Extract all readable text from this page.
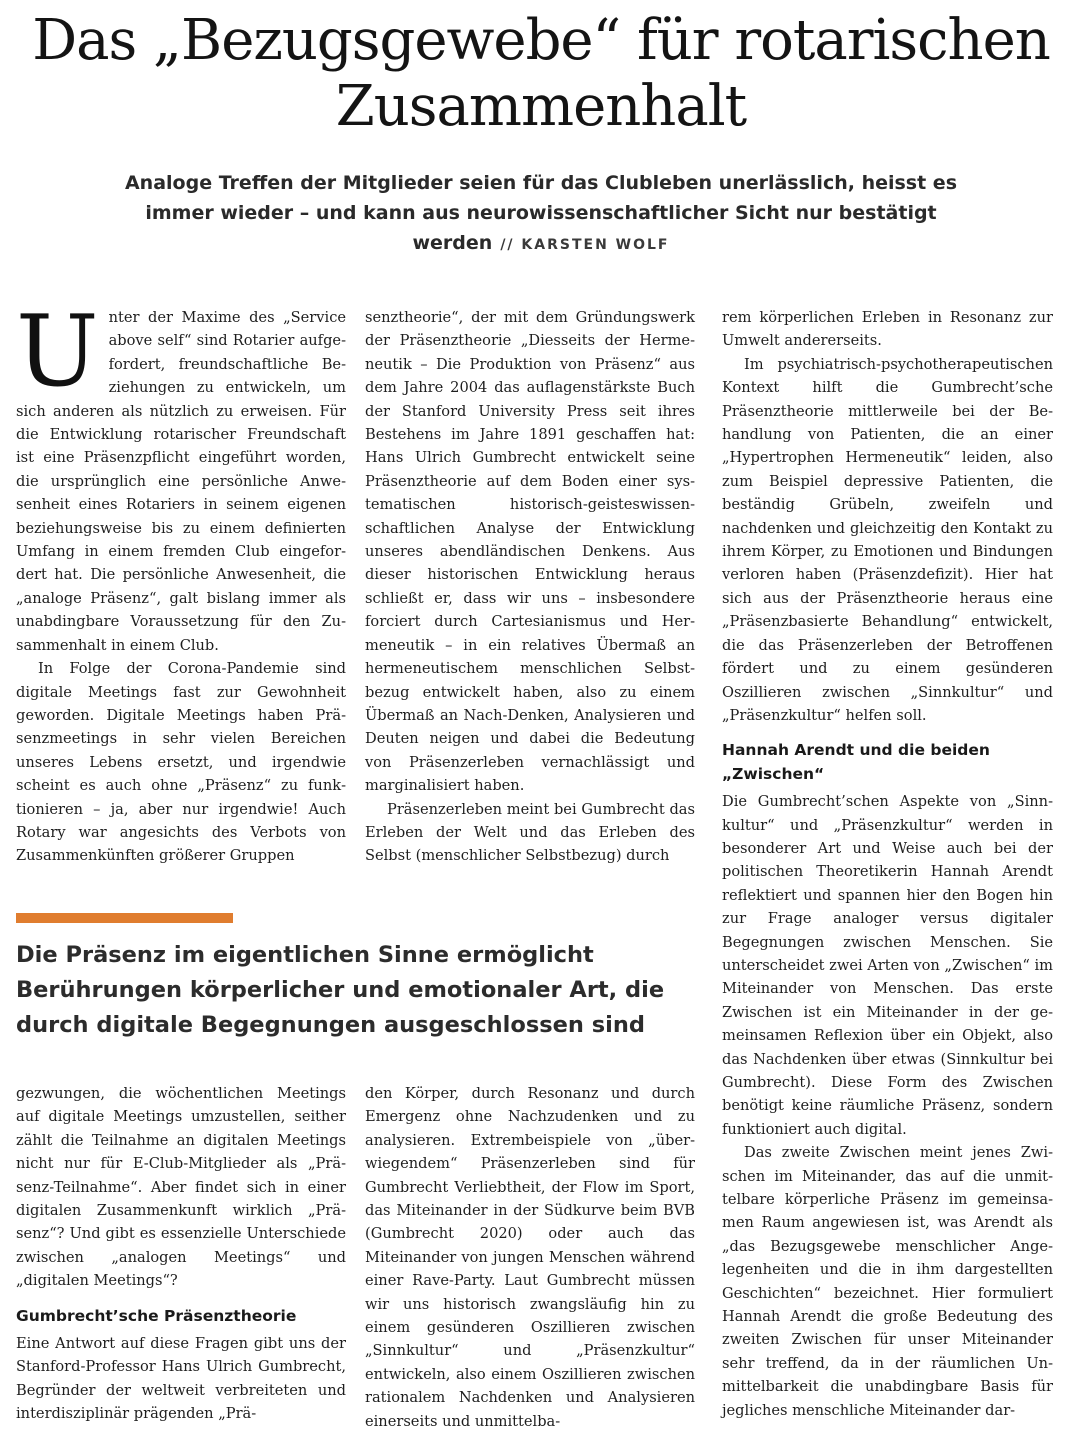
Das „Bezugsgewebe“ für rotarischen Zusammenhalt
Analoge Treffen der Mitglieder seien für das Clubleben unerlässlich, heisst es immer wieder – und kann aus neurowissenschaftlicher Sicht nur bestätigt werden // KARSTEN WOLF
U nter der Maxime des „Service above self“ sind Rotarier aufgefordert, freundschaftliche Beziehungen zu entwickeln, um sich anderen als nützlich zu erweisen. Für die Entwicklung rotarischer Freundschaft ist eine Präsenzpflicht eingeführt worden, die ursprünglich eine persönliche Anwesenheit eines Rotariers in seinem eigenen beziehungsweise bis zu einem definierten Umfang in einem fremden Club eingefordert hat. Die persönliche Anwesenheit, die „analoge Präsenz“, galt bislang immer als unabdingbare Voraussetzung für den Zusammenhalt in einem Club.

In Folge der Corona-Pandemie sind digitale Meetings fast zur Gewohnheit geworden. Digitale Meetings haben Präsenzmeetings in sehr vielen Bereichen unseres Lebens ersetzt, und irgendwie scheint es auch ohne „Präsenz“ zu funktionieren – ja, aber nur irgendwie! Auch Rotary war angesichts des Verbots von Zusammenkünften größerer Gruppen

senztheorie“, der mit dem Gründungswerk der Präsenztheorie „Diesseits der Hermeneutik – Die Produktion von Präsenz“ aus dem Jahre 2004 das auflagenstärkste Buch der Stanford University Press seit ihres Bestehens im Jahre 1891 geschaffen hat: Hans Ulrich Gumbrecht entwickelt seine Präsenztheorie auf dem Boden einer systematischen historisch-geisteswissenschaftlichen Analyse der Entwicklung unseres abendländischen Denkens. Aus dieser historischen Entwicklung heraus schließt er, dass wir uns – insbesondere forciert durch Cartesianismus und Hermeneutik – in ein relatives Übermaß an hermeneutischem menschlichen Selbstbezug entwickelt haben, also zu einem Übermaß an Nach-Denken, Analysieren und Deuten neigen und dabei die Bedeutung von Präsenzerleben vernachlässigt und marginalisiert haben.

Präsenzerleben meint bei Gumbrecht das Erleben der Welt und das Erleben des Selbst (menschlicher Selbstbezug) durch

rem körperlichen Erleben in Resonanz zur Umwelt andererseits.

Im psychiatrisch-psychotherapeutischen Kontext hilft die Gumbrecht’sche Präsenztheorie mittlerweile bei der Behandlung von Patienten, die an einer „Hypertrophen Hermeneutik“ leiden, also zum Beispiel depressive Patienten, die beständig Grübeln, zweifeln und nachdenken und gleichzeitig den Kontakt zu ihrem Körper, zu Emotionen und Bindungen verloren haben (Präsenzdefizit). Hier hat sich aus der Präsenztheorie heraus eine „Präsenzbasierte Behandlung“ entwickelt, die das Präsenzerleben der Betroffenen fördert und zu einem gesünderen Oszillieren zwischen „Sinnkultur“ und „Präsenzkultur“ helfen soll.

Hannah Arendt und die beiden „Zwischen“

Die Gumbrecht’schen Aspekte von „Sinnkultur“ und „Präsenzkultur“ werden in besonderer Art und Weise auch bei der politischen Theoretikerin Hannah Arendt reflektiert und spannen hier den Bogen hin zur Frage analoger versus digitaler Begegnungen zwischen Menschen. Sie unterscheidet zwei Arten von „Zwischen“ im Miteinander von Menschen. Das erste Zwischen ist ein Miteinander in der gemeinsamen Reflexion über ein Objekt, also das Nachdenken über etwas (Sinnkultur bei Gumbrecht). Diese Form des Zwischen benötigt keine räumliche Präsenz, sondern funktioniert auch digital.

Das zweite Zwischen meint jenes Zwischen im Miteinander, das auf die unmittelbare körperliche Präsenz im gemeinsamen Raum angewiesen ist, was Arendt als „das Bezugsgewebe menschlicher Angelegenheiten und die in ihm dargestellten Geschichten“ bezeichnet. Hier formuliert Hannah Arendt die große Bedeutung des zweiten Zwischen für unser Miteinander sehr treffend, da in der räumlichen Unmittelbarkeit die unabdingbare Basis für jegliches menschliche Miteinander dar-

Die Präsenz im eigentlichen Sinne ermöglicht Berührungen körperlicher und emotionaler Art, die durch digitale Begegnungen ausgeschlossen sind

gezwungen, die wöchentlichen Meetings auf digitale Meetings umzustellen, seither zählt die Teilnahme an digitalen Meetings nicht nur für E-Club-Mitglieder als „Präsenz-Teilnahme“. Aber findet sich in einer digitalen Zusammenkunft wirklich „Präsenz“? Und gibt es essenzielle Unterschiede zwischen „analogen Meetings“ und „digitalen Meetings“?

Gumbrecht’sche Präsenztheorie

Eine Antwort auf diese Fragen gibt uns der Stanford-Professor Hans Ulrich Gumbrecht, Begründer der weltweit verbreiteten und interdisziplinär prägenden „Prä-

den Körper, durch Resonanz und durch Emergenz ohne Nachzudenken und zu analysieren. Extrembeispiele von „überwiegendem“ Präsenzerleben sind für Gumbrecht Verliebtheit, der Flow im Sport, das Miteinander in der Südkurve beim BVB (Gumbrecht 2020) oder auch das Miteinander von jungen Menschen während einer Rave-Party. Laut Gumbrecht müssen wir uns historisch zwangsläufig hin zu einem gesünderen Oszillieren zwischen „Sinnkultur“ und „Präsenzkultur“ entwickeln, also einem Oszillieren zwischen rationalem Nachdenken und Analysieren einerseits und unmittelba-
